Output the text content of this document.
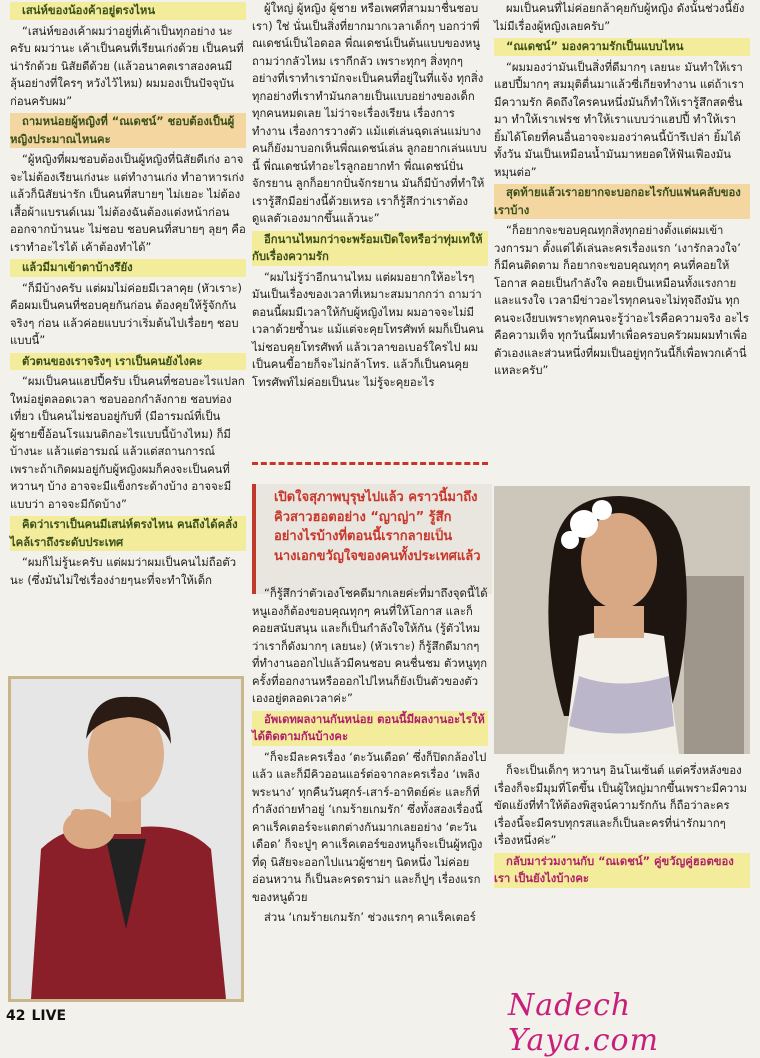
เสน่ห์ของน้องค้าอยู่ตรงไหน

“เสน่ห์ของเค้าผมว่าอยู่ที่เค้าเป็นทุกอย่าง นะครับ ผมว่านะ เค้าเป็นคนที่เรียนเก่งด้วย เป็นคนที่น่ารักด้วย นิสัยดีด้วย (แล้วอนาคตเราสองคนมีลุ้นอย่างที่ใครๆ หวังไว้ไหม) ผมมองเป็นปัจจุบันก่อนครับผม”

ถามหน่อยผู้หญิงที่ “ณเดชน์” ชอบต้องเป็นผู้หญิงประมาณไหนคะ

“ผู้หญิงที่ผมชอบต้องเป็นผู้หญิงที่นิสัยดีเก่ง อาจจะไม่ต้องเรียนเก่งนะ แต่ทำงานเก่ง ทำอาหารเก่ง แล้วก็นิสัยน่ารัก เป็นคนที่สบายๆ ไม่เยอะ ไม่ต้องเสื้อผ้าแบรนด์เนม ไม่ต้องฉันต้องแต่งหน้าก่อนออกจากบ้านนะ ไม่ชอบ ชอบคนที่สบายๆ ลุยๆ คือเราทำอะไรได้ เค้าต้องทำได้”

แล้วมีมาเข้าตาบ้างรึยัง

“ก็มีบ้างครับ แต่ผมไม่ค่อยมีเวลาคุย (หัวเราะ) คือผมเป็นคนที่ชอบคุยกันก่อน ต้องคุยให้รู้จักกันจริงๆ ก่อน แล้วค่อยแบบว่าเริ่มต้นไปเรื่อยๆ ชอบแบบนี้”

ตัวตนของเราจริงๆ เราเป็นคนยังไงคะ

“ผมเป็นคนแฮปปี้ครับ เป็นคนที่ชอบอะไรแปลกใหม่อยู่ตลอดเวลา ชอบออกกำลังกาย ชอบท่องเที่ยว เป็นคนไม่ชอบอยู่กับที่ (มีอารมณ์ที่เป็นผู้ชายขี้อ้อนโรแมนติกอะไรแบบนี้บ้างไหม) ก็มีบ้างนะ แล้วแต่อารมณ์ แล้วแต่สถานการณ์ เพราะถ้าเกิดผมอยู่กับผู้หญิงผมก็คงจะเป็นคนที่หวานๆ บ้าง อาจจะมีแข็งกระด้างบ้าง อาจจะมีแบบว่า อาจจะมีกัดบ้าง”

คิดว่าเราเป็นคนมีเสน่ห์ตรงไหน คนถึงได้คลั่งไคล้เราถึงระดับประเทศ

“ผมก็ไม่รู้นะครับ แต่ผมว่าผมเป็นคนไม่ถือตัวนะ (ซึ่งมันไม่ใช่เรื่องง่ายๆนะที่จะทำให้เด็ก

ผู้ใหญ่ ผู้หญิง ผู้ชาย หรือเพศที่สามมาชื่นชอบเรา) ใช่ นั่นเป็นสิ่งที่ยากมากเวลาเด็กๆ บอกว่าพี่ณเดชน์เป็นไอดอล พี่ณเดชน์เป็นต้นแบบของหนู ถามว่ากลัวไหม เรากีกลัว เพราะทุกๆ สิ่งทุกๆ อย่างที่เราทำเรามักจะเป็นคนที่อยู่ในที่แจ้ง ทุกสิ่งทุกอย่างที่เราทำมันกลายเป็นแบบอย่างของเด็กทุกคนหมดเลย ไม่ว่าจะเรื่องเรียน เรื่องการทำงาน เรื่องการวางตัว แม้แต่เล่นฉุดเล่นแม่บางคนก็ยังมาบอกเห็นพี่ณเดชน์เล่น ลูกอยากเล่นแบบนี้ พี่ณเดชน์ทำอะไรลูกอยากทำ พี่ณเดชน์ปั่นจักรยาน ลูกก็อยากปั่นจักรยาน มันก็มีบ้างที่ทำให้เรารู้สึกมีอย่างนี้ด้วยเหรอ เราก็รู้สึกว่าเราต้องดูแลตัวเองมากขึ้นแล้วนะ”

อีกนานไหมกว่าจะพร้อมเปิดใจหรือว่าทุ่มเทให้กับเรื่องความรัก

“ผมไม่รู้ว่าอีกนานไหม แต่ผมอยากให้อะไรๆมันเป็นเรื่องของเวลาที่เหมาะสมมากกว่า ถามว่าตอนนี้ผมมีเวลาให้กับผู้หญิงไหม ผมอาจจะไม่มีเวลาด้วยซ้ำนะ แม้แต่จะคุยโทรศัพท์ ผมก็เป็นคนไม่ชอบคุยโทรศัพท์ แล้วเวลาขอเบอร์ใครไป ผมเป็นคนขี้อายก็จะไม่กล้าโทร. แล้วก็เป็นคนคุยโทรศัพท์ไม่ค่อยเป็นนะ ไม่รู้จะคุยอะไร

เปิดใจสุภาพบุรุษไปแล้ว คราวนี้มาถึงคิวสาวฮอตอย่าง “ญาญ่า” รู้สึกอย่างไรบ้างที่ตอนนี้เรากลายเป็นนางเอกขวัญใจของคนทั้งประเทศแล้ว

“ก็รู้สึกว่าตัวเองโชคดีมากเลยค่ะที่มาถึงจุดนี้ได้ หนูเองก็ต้องขอบคุณทุกๆ คนที่ให้โอกาส และก็คอยสนับสนุน และก็เป็นกำลังใจให้กัน (รู้ตัวไหมว่าเราก็ดังมากๆ เลยนะ) (หัวเราะ) ก็รู้สึกดีมากๆ ที่ทำงานออกไปแล้วมีคนชอบ คนชื่นชม ตัวหนูทุกครั้งที่ออกงานหรือออกไปไหนก็ยังเป็นตัวของตัวเองอยู่ตลอดเวลาค่ะ”

อัพเดทผลงานกันหน่อย ตอนนี้มีผลงานอะไรให้ได้ติดตามกันบ้างคะ

“ก็จะมีละครเรื่อง ‘ตะวันเดือด’ ซึ่งก็ปิดกล้องไปแล้ว และก็มีคิวออนแอร์ต่อจากละครเรื่อง ‘เพลิงพระนาง’ ทุกคืนวันศุกร์-เสาร์-อาทิตย์ค่ะ และก็ที่กำลังถ่ายทำอยู่ ‘เกมร้ายเกมรัก’ ซึ่งทั้งสองเรื่องนี้คาแร็คเตอร์จะแตกต่างกันมากเลยอย่าง ‘ตะวันเดือด’ ก็จะปูๆ คาแร็คเตอร์ของหนูก็จะเป็นผู้หญิงที่ดุ นิสัยจะออกไปแนวผู้ชายๆ นิดหนึ่ง ไม่ค่อยอ่อนหวาน ก็เป็นละครดราม่า และก็ปูๆ เรื่องแรกของหนูด้วย

ส่วน ‘เกมร้ายเกมรัก’ ช่วงแรกๆ คาแร็คเตอร์

ผมเป็นคนที่ไม่ค่อยกล้าคุยกับผู้หญิง ดังนั้นช่วงนี้ยังไม่มีเรื่องผู้หญิงเลยครับ”

“ณเดชน์” มองความรักเป็นแบบไหน

“ผมมองว่ามันเป็นสิ่งที่ดีมากๆ เลยนะ มันทำให้เราแฮปปี้มากๆ สมมุติตื่นมาแล้วซี่เกียจทำงาน แต่ถ้าเรามีความรัก คิดถึงใครคนหนึ่งมันก็ทำให้เรารู้สึกสดชื่นมา ทำให้เราเฟรช ทำให้เราแบบว่าแฮปปี้ ทำให้เรายิ้มได้โดยที่คนอื่นอาจจะมองว่าคนนี้บ้ารึเปล่า ยิ้มได้ทั้งวัน มันเป็นเหมือนน้ำมันมาหยอดให้ฟันเฟืองมันหมุนต่อ”

สุดท้ายแล้วเราอยากจะบอกอะไรกับแฟนคลับของเราบ้าง

“ก็อยากจะขอบคุณทุกสิ่งทุกอย่างตั้งแต่ผมเข้าวงการมา ตั้งแต่ได้เล่นละครเรื่องแรก ‘เงารักลวงใจ’ ก็มีคนติดตาม ก็อยากจะขอบคุณทุกๆ คนที่คอยให้โอกาส คอยเป็นกำลังใจ คอยเป็นเหมือนทั้งแรงกายและแรงใจ เวลามีข่าวอะไรทุกคนจะไม่ทุจถึงมัน ทุกคนจะเงียบเพราะทุกคนจะรู้ว่าอะไรคือความจริง อะไรคือความเท็จ ทุกวันนี้ผมทำเพื่อครอบครัวผมผมทำเพื่อตัวเองและส่วนหนึ่งที่ผมเป็นอยู่ทุกวันนี้ก็เพื่อพวกเค้านี่แหละครับ”

ก็จะเป็นเด็กๆ หวานๆ อินโนเซ้นต์ แต่ครึ่งหลังของเรื่องก็จะมีมุมที่โตขึ้น เป็นผู้ใหญ่มากขึ้นเพราะมีความขัดแย้งที่ทำให้ต้องพิสูจน์ความรักกัน ก็ถือว่าละครเรื่องนี้จะมีครบทุกรสและก็เป็นละครที่น่ารักมากๆ เรื่องหนึ่งค่ะ”

กลับมาร่วมงานกับ “ณเดชน์” คู่ขวัญคู่ฮอตของเรา เป็นยังไงบ้างคะ
42 LIVE	Nadech Yaya.com
